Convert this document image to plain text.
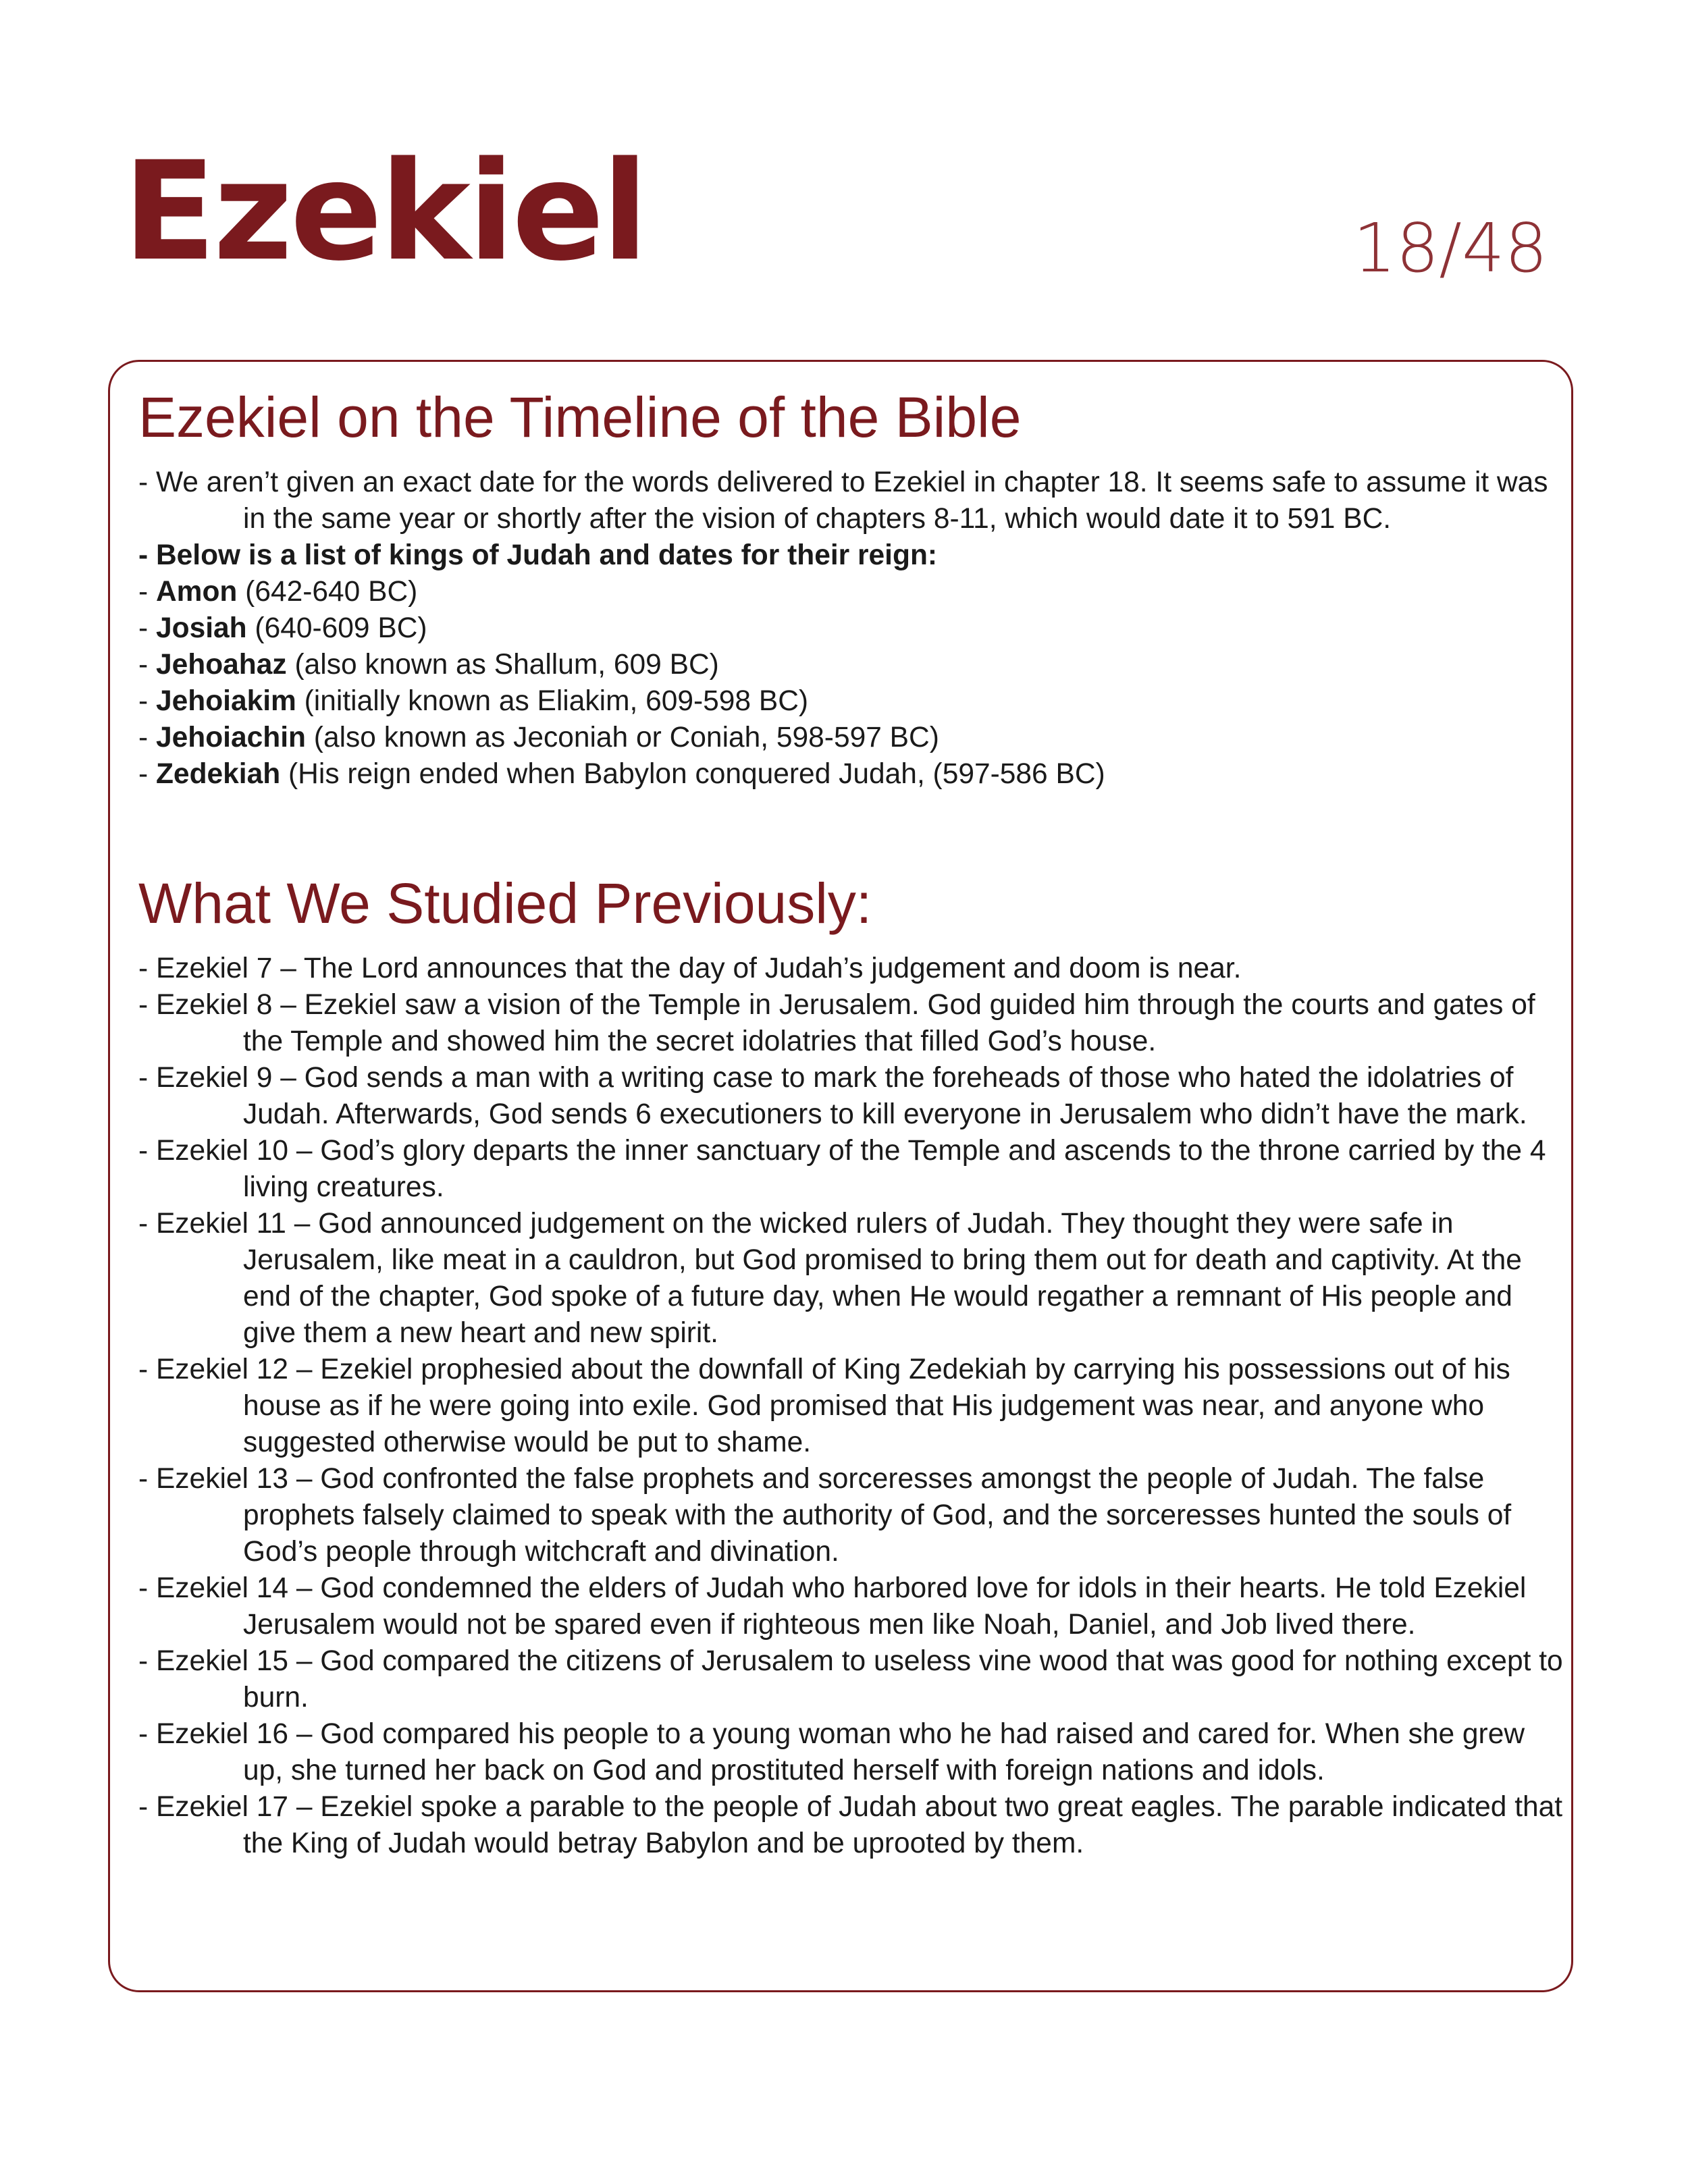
Ezekiel	18/48
Ezekiel on the Timeline of the Bible
- We aren’t given an exact date for the words delivered to Ezekiel in chapter 18. It seems safe to assume it was in the same year or shortly after the vision of chapters 8-11, which would date it to 591 BC.
- Below is a list of kings of Judah and dates for their reign:
- Amon (642-640 BC)
- Josiah (640-609 BC)
- Jehoahaz (also known as Shallum, 609 BC)
- Jehoiakim (initially known as Eliakim, 609-598 BC)
- Jehoiachin (also known as Jeconiah or Coniah, 598-597 BC)
- Zedekiah (His reign ended when Babylon conquered Judah, (597-586 BC)
What We Studied Previously:
- Ezekiel 7 – The Lord announces that the day of Judah’s judgement and doom is near.
- Ezekiel 8 – Ezekiel saw a vision of the Temple in Jerusalem. God guided him through the courts and gates of the Temple and showed him the secret idolatries that filled God’s house.
- Ezekiel 9 – God sends a man with a writing case to mark the foreheads of those who hated the idolatries of Judah. Afterwards, God sends 6 executioners to kill everyone in Jerusalem who didn’t have the mark.
- Ezekiel 10 – God’s glory departs the inner sanctuary of the Temple and ascends to the throne carried by the 4 living creatures.
- Ezekiel 11 – God announced judgement on the wicked rulers of Judah. They thought they were safe in Jerusalem, like meat in a cauldron, but God promised to bring them out for death and captivity. At the end of the chapter, God spoke of a future day, when He would regather a remnant of His people and give them a new heart and new spirit.
- Ezekiel 12 – Ezekiel prophesied about the downfall of King Zedekiah by carrying his possessions out of his house as if he were going into exile. God promised that His judgement was near, and anyone who suggested otherwise would be put to shame.
- Ezekiel 13 – God confronted the false prophets and sorceresses amongst the people of Judah. The false prophets falsely claimed to speak with the authority of God, and the sorceresses hunted the souls of God’s people through witchcraft and divination.
- Ezekiel 14 – God condemned the elders of Judah who harbored love for idols in their hearts. He told Ezekiel Jerusalem would not be spared even if righteous men like Noah, Daniel, and Job lived there.
- Ezekiel 15 – God compared the citizens of Jerusalem to useless vine wood that was good for nothing except to burn.
- Ezekiel 16 – God compared his people to a young woman who he had raised and cared for. When she grew up, she turned her back on God and prostituted herself with foreign nations and idols.
- Ezekiel 17 – Ezekiel spoke a parable to the people of Judah about two great eagles. The parable indicated that the King of Judah would betray Babylon and be uprooted by them.
